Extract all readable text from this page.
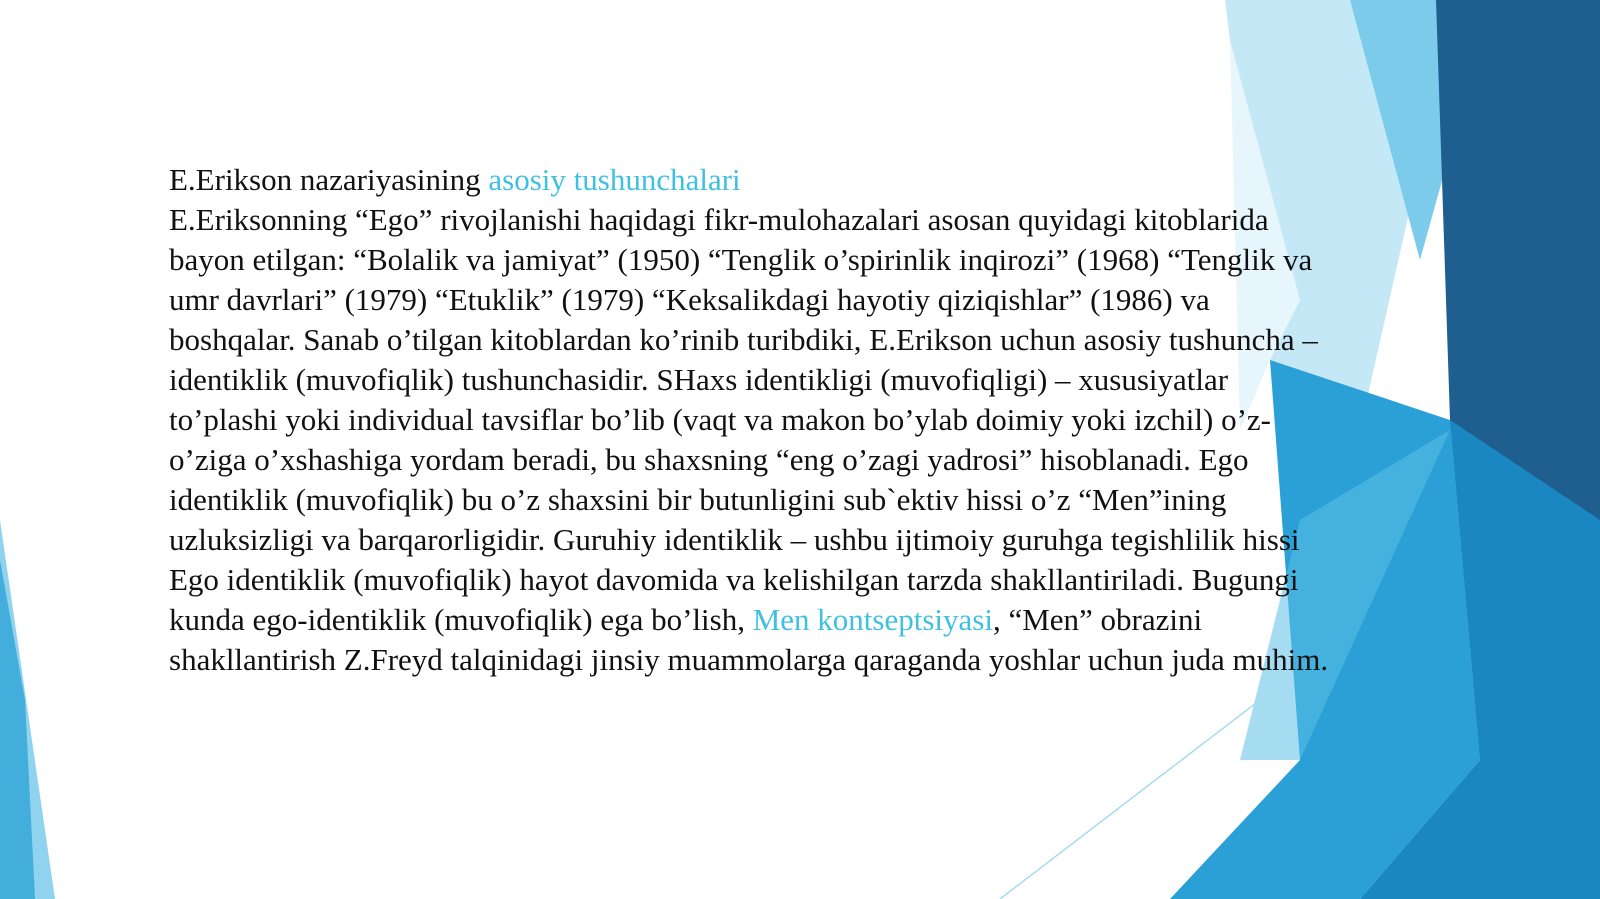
E.Erikson nazariyasining asosiy tushunchalari
E.Eriksonning “Ego” rivojlanishi haqidagi fikr-mulohazalari asosan quyidagi kitoblarida
bayon etilgan: “Bolalik va jamiyat” (1950) “Tenglik o’spirinlik inqirozi” (1968) “Tenglik va
umr davrlari” (1979) “Etuklik” (1979) “Keksalikdagi hayotiy qiziqishlar” (1986) va
boshqalar. Sanab o’tilgan kitoblardan ko’rinib turibdiki, E.Erikson uchun asosiy tushuncha –
identiklik (muvofiqlik) tushunchasidir. SHaxs identikligi (muvofiqligi) – xususiyatlar
to’plashi yoki individual tavsiflar bo’lib (vaqt va makon bo’ylab doimiy yoki izchil) o’z-
o’ziga o’xshashiga yordam beradi, bu shaxsning “eng o’zagi yadrosi” hisoblanadi. Ego
identiklik (muvofiqlik) bu o’z shaxsini bir butunligini sub`ektiv hissi o’z “Men”ining
uzluksizligi va barqarorligidir. Guruhiy identiklik – ushbu ijtimoiy guruhga tegishlilik hissi
Ego identiklik (muvofiqlik) hayot davomida va kelishilgan tarzda shakllantiriladi. Bugungi
kunda ego-identiklik (muvofiqlik) ega bo’lish, Men kontseptsiyasi, “Men” obrazini
shakllantirish Z.Freyd talqinidagi jinsiy muammolarga qaraganda yoshlar uchun juda muhim.
